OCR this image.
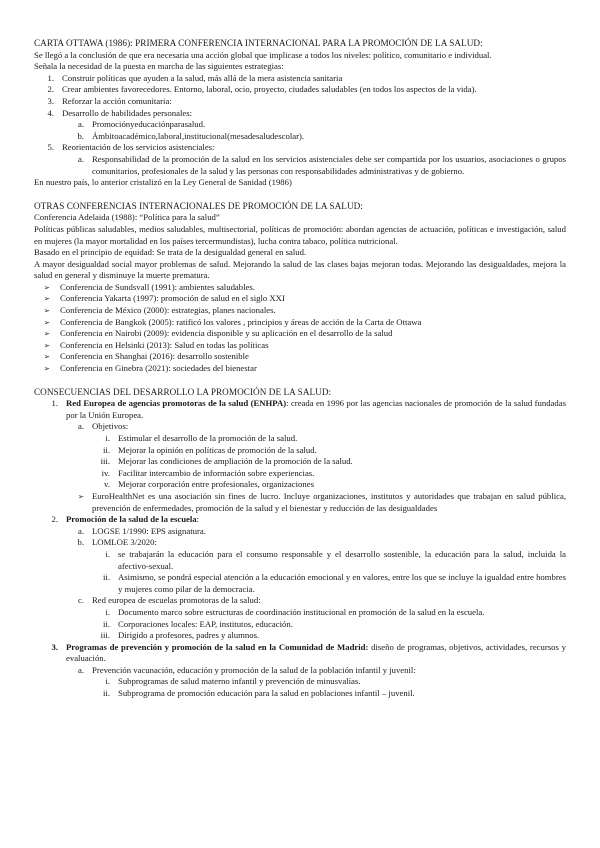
CARTA OTTAWA (1986): PRIMERA CONFERENCIA INTERNACIONAL PARA LA PROMOCIÓN DE LA SALUD:

Se llegó a la conclusión de que era necesaria una acción global que implicase a todos los niveles: político, comunitario e individual.

Señala la necesidad de la puesta en marcha de las siguientes estrategias:

1. Construir políticas que ayuden a la salud, más allá de la mera asistencia sanitaria
2. Crear ambientes favorecedores. Entorno, laboral, ocio, proyecto, ciudades saludables (en todos los aspectos de la vida).
3. Reforzar la acción comunitaria:
4. Desarrollo de habilidades personales:
a. Promociónyeducaciónparasalud.
b. Ámbitoacadémico,laboral,institucional(mesadesaludescolar).
5. Reorientación de los servicios asistenciales:
a. Responsabilidad de la promoción de la salud en los servicios asistenciales debe ser compartida por los usuarios, asociaciones o grupos comunitarios, profesionales de la salud y las personas con responsabilidades administrativas y de gobierno.

En nuestro país, lo anterior cristalizó en la Ley General de Sanidad (1986)

OTRAS CONFERENCIAS INTERNACIONALES DE PROMOCIÓN DE LA SALUD:

Conferencia Adelaida (1988): “Política para la salud”

Políticas públicas saludables, medios saludables, multisectorial, políticas de promoción: abordan agencias de actuación, políticas e investigación, salud en mujeres (la mayor mortalidad en los países tercermundistas), lucha contra tabaco, política nutricional.

Basado en el principio de equidad: Se trata de la desigualdad general en salud.

A mayor desigualdad social mayor problemas de salud. Mejorando la salud de las clases bajas mejoran todas. Mejorando las desigualdades, mejora la salud en general y disminuye la muerte prematura.

➢	Conferencia de Sundsvall (1991): ambientes saludables.
➢	Conferencia Yakarta (1997): promoción de salud en el siglo XXI
➢	Conferencia de México (2000): estrategias, planes nacionales.
➢	Conferencia de Bangkok (2005): ratificó los valores , principios y áreas de acción de la Carta de Ottawa
➢	Conferencia en Nairobi (2009): evidencia disponible y su aplicación en el desarrollo de la salud
➢	Conferencia en Helsinki (2013): Salud en todas las políticas
➢	Conferencia en Shanghai (2016): desarrollo sostenible
➢	Conferencia en Ginebra (2021): sociedades del bienestar
CONSECUENCIAS DEL DESARROLLO LA PROMOCIÓN DE LA SALUD:
1. Red Europea de agencias promotoras de la salud (ENHPA): creada en 1996 por las agencias nacionales de promoción de la salud fundadas por la Unión Europea.
a. Objetivos:
i. Estimular el desarrollo de la promoción de la salud.
ii. Mejorar la opinión en políticas de promoción de la salud.
iii. Mejorar las condiciones de ampliación de la promoción de la salud.
iv. Facilitar intercambio de información sobre experiencias.
v. Mejorar corporación entre profesionales, organizaciones
➢ EuroHealthNet es una asociación sin fines de lucro. Incluye organizaciones, institutos y autoridades que trabajan en salud pública, prevención de enfermedades, promoción de la salud y el bienestar y reducción de las desigualdades
2. Promoción de la salud de la escuela:
a. LOGSE 1/1990: EPS asignatura.
b. LOMLOE 3/2020:
i. se trabajarán la educación para el consumo responsable y el desarrollo sostenible, la educación para la salud, incluida la afectivo-sexual.
ii. Asimismo, se pondrá especial atención a la educación emocional y en valores, entre los que se incluye la igualdad entre hombres y mujeres como pilar de la democracia.
c. Red europea de escuelas promotoras de la salud:
i. Documento marco sobre estructuras de coordinación institucional en promoción de la salud en la escuela.
ii. Corporaciones locales: EAP, institutos, educación.
iii. Dirigido a profesores, padres y alumnos.
3. Programas de prevención y promoción de la salud en la Comunidad de Madrid: diseño de programas, objetivos, actividades, recursos y evaluación.
a. Prevención vacunación, educación y promoción de la salud de la población infantil y juvenil:
i. Subprogramas de salud materno infantil y prevención de minusvalías.
ii. Subprograma de promoción educación para la salud en poblaciones infantil – juvenil.
